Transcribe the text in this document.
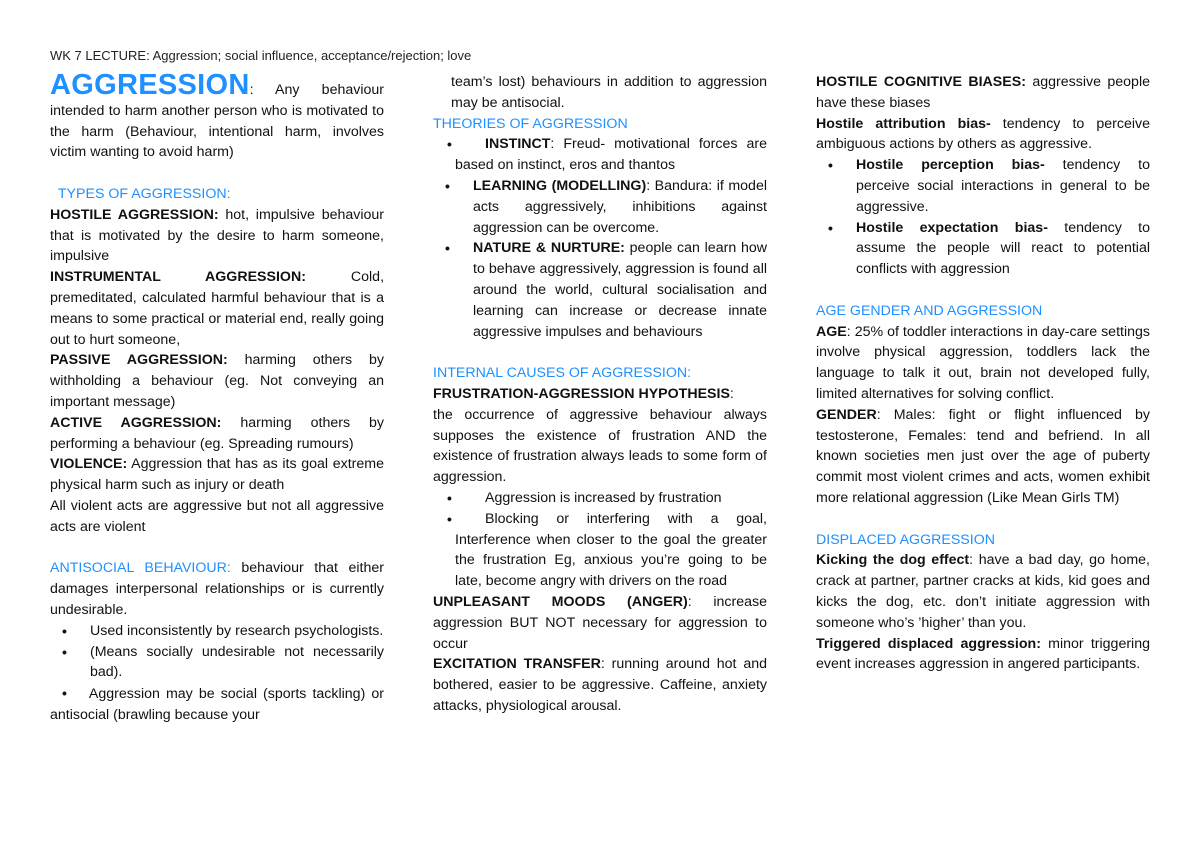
WK 7 LECTURE: Aggression; social influence, acceptance/rejection; love

AGGRESSION: Any behaviour intended to harm another person who is motivated to the harm (Behaviour, intentional harm, involves victim wanting to avoid harm)

TYPES OF AGGRESSION:

HOSTILE AGGRESSION: hot, impulsive behaviour that is motivated by the desire to harm someone, impulsive

INSTRUMENTAL AGGRESSION: Cold, premeditated, calculated harmful behaviour that is a means to some practical or material end, really going out to hurt someone,

PASSIVE AGGRESSION: harming others by withholding a behaviour (eg. Not conveying an important message)

ACTIVE AGGRESSION: harming others by performing a behaviour (eg. Spreading rumours)

VIOLENCE: Aggression that has as its goal extreme physical harm such as injury or death

All violent acts are aggressive but not all aggressive acts are violent

ANTISOCIAL BEHAVIOUR: behaviour that either damages interpersonal relationships or is currently undesirable.

• Used inconsistently by research psychologists.
• (Means socially undesirable not necessarily bad).
• Aggression may be social (sports tackling) or antisocial (brawling because your

team’s lost) behaviours in addition to aggression may be antisocial.

THEORIES OF AGGRESSION

• INSTINCT: Freud- motivational forces are based on instinct, eros and thantos
• LEARNING (MODELLING): Bandura: if model acts aggressively, inhibitions against aggression can be overcome.
• NATURE & NURTURE: people can learn how to behave aggressively, aggression is found all around the world, cultural socialisation and learning can increase or decrease innate aggressive impulses and behaviours

INTERNAL CAUSES OF AGGRESSION:

FRUSTRATION-AGGRESSION HYPOTHESIS:

the occurrence of aggressive behaviour always supposes the existence of frustration AND the existence of frustration always leads to some form of aggression.

• Aggression is increased by frustration
• Blocking or interfering with a goal, Interference when closer to the goal the greater the frustration Eg, anxious you’re going to be late, become angry with drivers on the road

UNPLEASANT MOODS (ANGER): increase aggression BUT NOT necessary for aggression to occur

EXCITATION TRANSFER: running around hot and bothered, easier to be aggressive. Caffeine, anxiety attacks, physiological arousal.

HOSTILE COGNITIVE BIASES: aggressive people have these biases

Hostile attribution bias- tendency to perceive ambiguous actions by others as aggressive.

• Hostile perception bias- tendency to perceive social interactions in general to be aggressive.
• Hostile expectation bias- tendency to assume the people will react to potential conflicts with aggression

AGE GENDER AND AGGRESSION

AGE: 25% of toddler interactions in day-care settings involve physical aggression, toddlers lack the language to talk it out, brain not developed fully, limited alternatives for solving conflict.

GENDER: Males: fight or flight influenced by testosterone, Females: tend and befriend. In all known societies men just over the age of puberty commit most violent crimes and acts, women exhibit more relational aggression (Like Mean Girls TM)

DISPLACED AGGRESSION

Kicking the dog effect: have a bad day, go home, crack at partner, partner cracks at kids, kid goes and kicks the dog, etc. don’t initiate aggression with someone who’s ’higher’ than you.

Triggered displaced aggression: minor triggering event increases aggression in angered participants.
